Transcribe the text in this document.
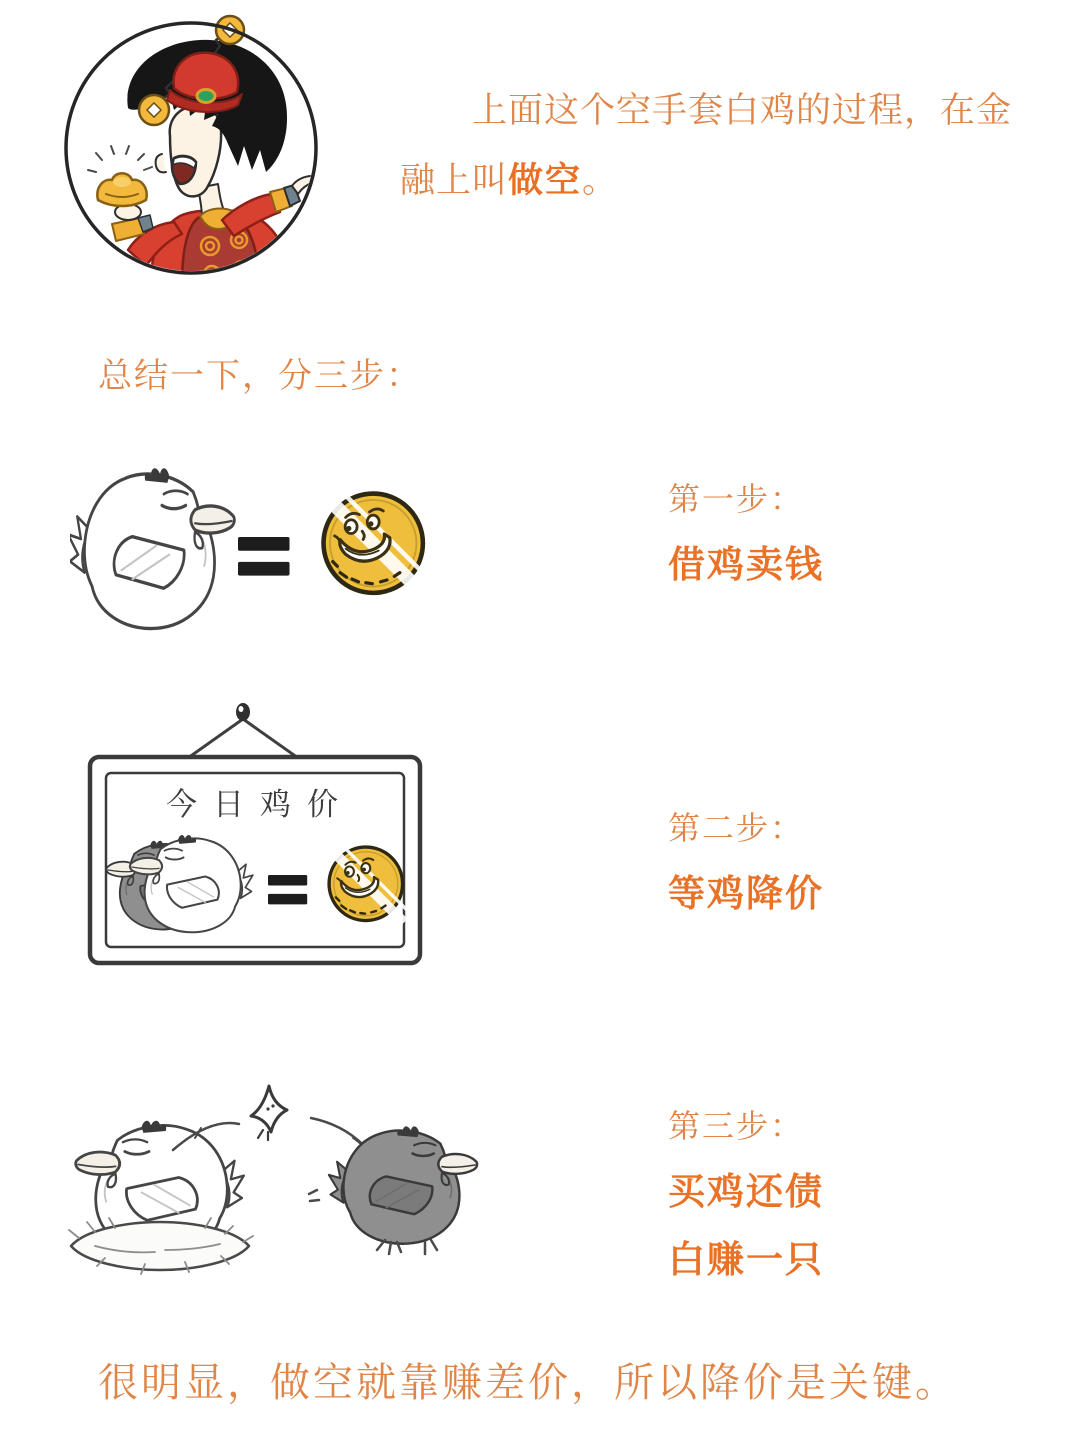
上面这个空手套白鸡的过程，在金
融上叫做空。

总结一下，分三步：
第一步：
借鸡卖钱
今日鸡价
第二步：
等鸡降价
第三步：
买鸡还债
白赚一只
很明显，做空就靠赚差价，所以降价是关键。
